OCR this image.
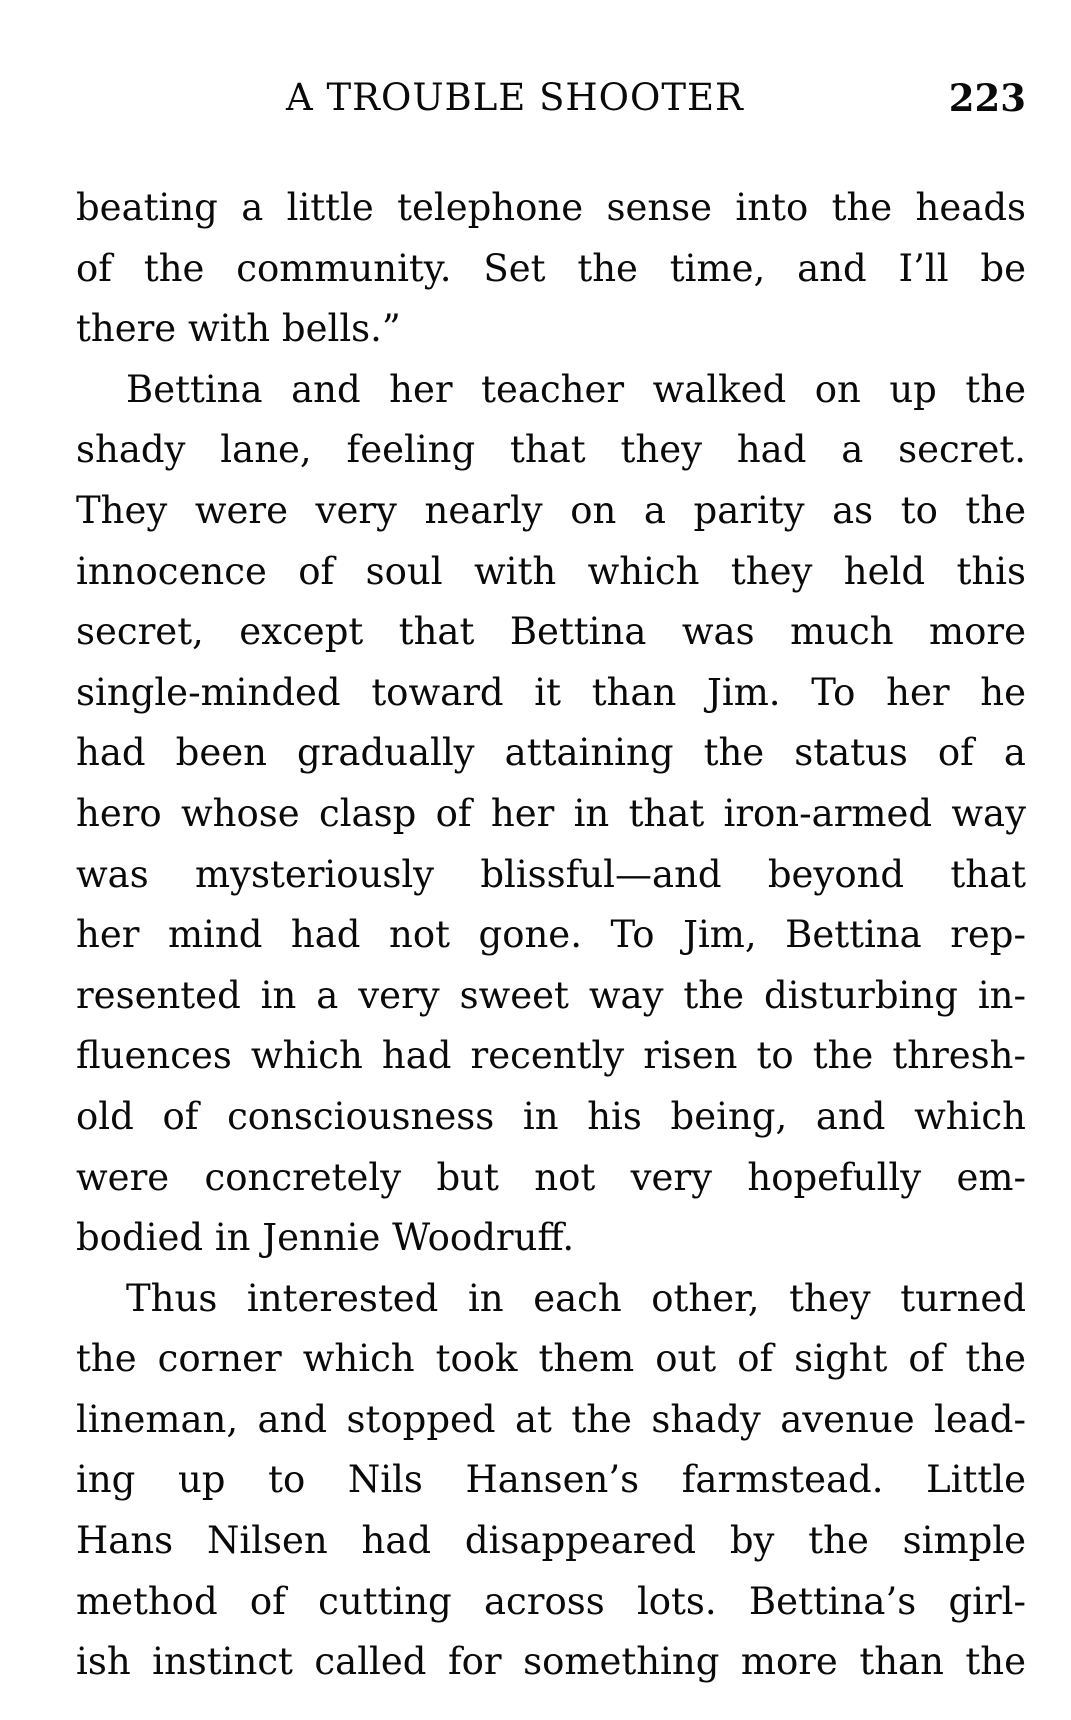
A TROUBLE SHOOTER	223
beating a little telephone sense into the heads
of the community. Set the time, and I’ll be
there with bells.”
Bettina and her teacher walked on up the
shady lane, feeling that they had a secret.
They were very nearly on a parity as to the
innocence of soul with which they held this
secret, except that Bettina was much more
single-minded toward it than Jim. To her he
had been gradually attaining the status of a
hero whose clasp of her in that iron-armed way
was mysteriously blissful—and beyond that
her mind had not gone. To Jim, Bettina rep-
resented in a very sweet way the disturbing in-
fluences which had recently risen to the thresh-
old of consciousness in his being, and which
were concretely but not very hopefully em-
bodied in Jennie Woodruff.
Thus interested in each other, they turned
the corner which took them out of sight of the
lineman, and stopped at the shady avenue lead-
ing up to Nils Hansen’s farmstead. Little
Hans Nilsen had disappeared by the simple
method of cutting across lots. Bettina’s girl-
ish instinct called for something more than the
